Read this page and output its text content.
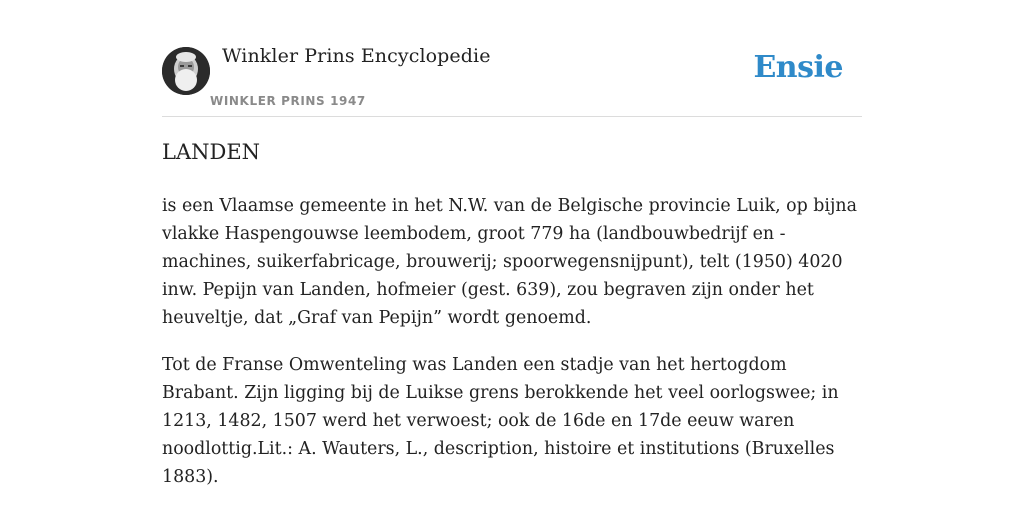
Winkler Prins Encyclopedie
WINKLER PRINS 1947
Ensie
LANDEN

is een Vlaamse gemeente in het N.W. van de Belgische provincie Luik, op bijna vlakke Haspengouwse leembodem, groot 779 ha (landbouwbedrijf en -machines, suikerfabricage, brouwerij; spoorwegensnijpunt), telt (1950) 4020 inw. Pepijn van Landen, hofmeier (gest. 639), zou begraven zijn onder het heuveltje, dat „Graf van Pepijn” wordt genoemd.

Tot de Franse Omwenteling was Landen een stadje van het hertogdom Brabant. Zijn ligging bij de Luikse grens berokkende het veel oorlogswee; in 1213, 1482, 1507 werd het verwoest; ook de 16de en 17de eeuw waren noodlottig.Lit.: A. Wauters, L., description, histoire et institutions (Bruxelles 1883).
